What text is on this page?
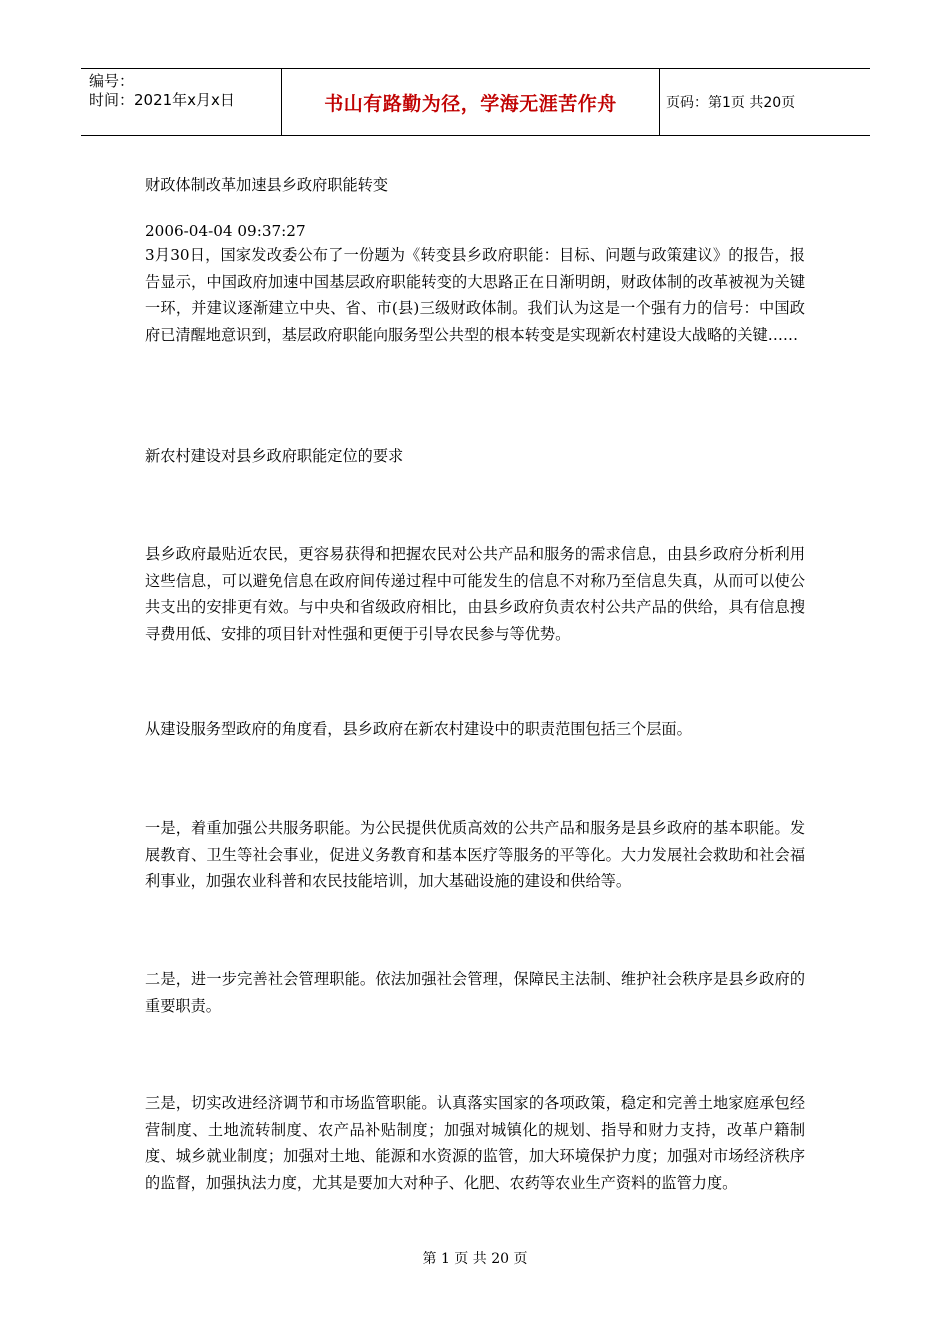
编号：
时间：2021年x月x日	书山有路勤为径，学海无涯苦作舟	页码：第1页 共20页

财政体制改革加速县乡政府职能转变

2006-04-04 09:37:27

3月30日，国家发改委公布了一份题为《转变县乡政府职能：目标、问题与政策建议》的报告，报告显示，中国政府加速中国基层政府职能转变的大思路正在日渐明朗，财政体制的改革被视为关键一环，并建议逐渐建立中央、省、市(县)三级财政体制。我们认为这是一个强有力的信号：中国政府已清醒地意识到，基层政府职能向服务型公共型的根本转变是实现新农村建设大战略的关键……

新农村建设对县乡政府职能定位的要求

县乡政府最贴近农民，更容易获得和把握农民对公共产品和服务的需求信息，由县乡政府分析利用这些信息，可以避免信息在政府间传递过程中可能发生的信息不对称乃至信息失真，从而可以使公共支出的安排更有效。与中央和省级政府相比，由县乡政府负责农村公共产品的供给，具有信息搜寻费用低、安排的项目针对性强和更便于引导农民参与等优势。

从建设服务型政府的角度看，县乡政府在新农村建设中的职责范围包括三个层面。

一是，着重加强公共服务职能。为公民提供优质高效的公共产品和服务是县乡政府的基本职能。发展教育、卫生等社会事业，促进义务教育和基本医疗等服务的平等化。大力发展社会救助和社会福利事业，加强农业科普和农民技能培训，加大基础设施的建设和供给等。

二是，进一步完善社会管理职能。依法加强社会管理，保障民主法制、维护社会秩序是县乡政府的重要职责。

三是，切实改进经济调节和市场监管职能。认真落实国家的各项政策，稳定和完善土地家庭承包经营制度、土地流转制度、农产品补贴制度；加强对城镇化的规划、指导和财力支持，改革户籍制度、城乡就业制度；加强对土地、能源和水资源的监管，加大环境保护力度；加强对市场经济秩序的监督，加强执法力度，尤其是要加大对种子、化肥、农药等农业生产资料的监管力度。

第 1 页 共 20 页
